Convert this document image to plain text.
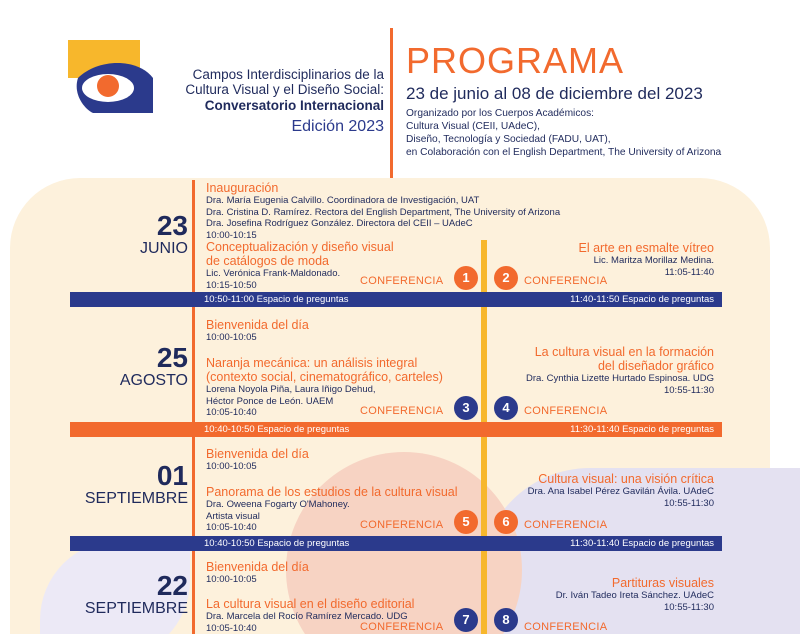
Campos Interdisciplinarios de la Cultura Visual y el Diseño Social:
Conversatorio Internacional
Edición 2023
PROGRAMA
23 de junio al 08 de diciembre del 2023
Organizado por los Cuerpos Académicos:
Cultura Visual (CEII, UAdeC),
Diseño, Tecnología y Sociedad (FADU, UAT),
en Colaboración con el English Department, The University of Arizona
23
JUNIO
Inauguración
Dra. María Eugenia Calvillo. Coordinadora de Investigación, UAT
Dra. Cristina D. Ramírez. Rectora del English Department, The University of Arizona
Dra. Josefina Rodríguez González. Directora del CEII – UAdeC
10:00-10:15
Conceptualización y diseño visual
de catálogos de moda
Lic. Verónica Frank-Maldonado.
10:15-10:50
El arte en esmalte vítreo
Lic. Maritza Morillaz Medina.
11:05-11:40
CONFERENCIA	CONFERENCIA
1	2
10:50-11:00 Espacio de preguntas	11:40-11:50 Espacio de preguntas
25
AGOSTO
Bienvenida del día
10:00-10:05
Naranja mecánica: un análisis integral
(contexto social, cinematográfico, carteles)
Lorena Noyola Piña, Laura Iñigo Dehud,
Héctor Ponce de León. UAEM
10:05-10:40
La cultura visual en la formación
del diseñador gráfico
Dra. Cynthia Lizette Hurtado Espinosa. UDG
10:55-11:30
CONFERENCIA	CONFERENCIA
3	4
10:40-10:50 Espacio de preguntas	11:30-11:40 Espacio de preguntas
01
SEPTIEMBRE
Bienvenida del día
10:00-10:05
Panorama de los estudios de la cultura visual
Dra. Oweena Fogarty O'Mahoney.
Artista visual
10:05-10:40
Cultura visual: una visión crítica
Dra. Ana Isabel Pérez Gavilán Ávila. UAdeC
10:55-11:30
CONFERENCIA	CONFERENCIA
5	6
10:40-10:50 Espacio de preguntas	11:30-11:40 Espacio de preguntas
22
SEPTIEMBRE
Bienvenida del día
10:00-10:05
La cultura visual en el diseño editorial
Dra. Marcela del Rocío Ramírez Mercado. UDG
10:05-10:40
Partituras visuales
Dr. Iván Tadeo Ireta Sánchez. UAdeC
10:55-11:30
CONFERENCIA	CONFERENCIA
7	8
